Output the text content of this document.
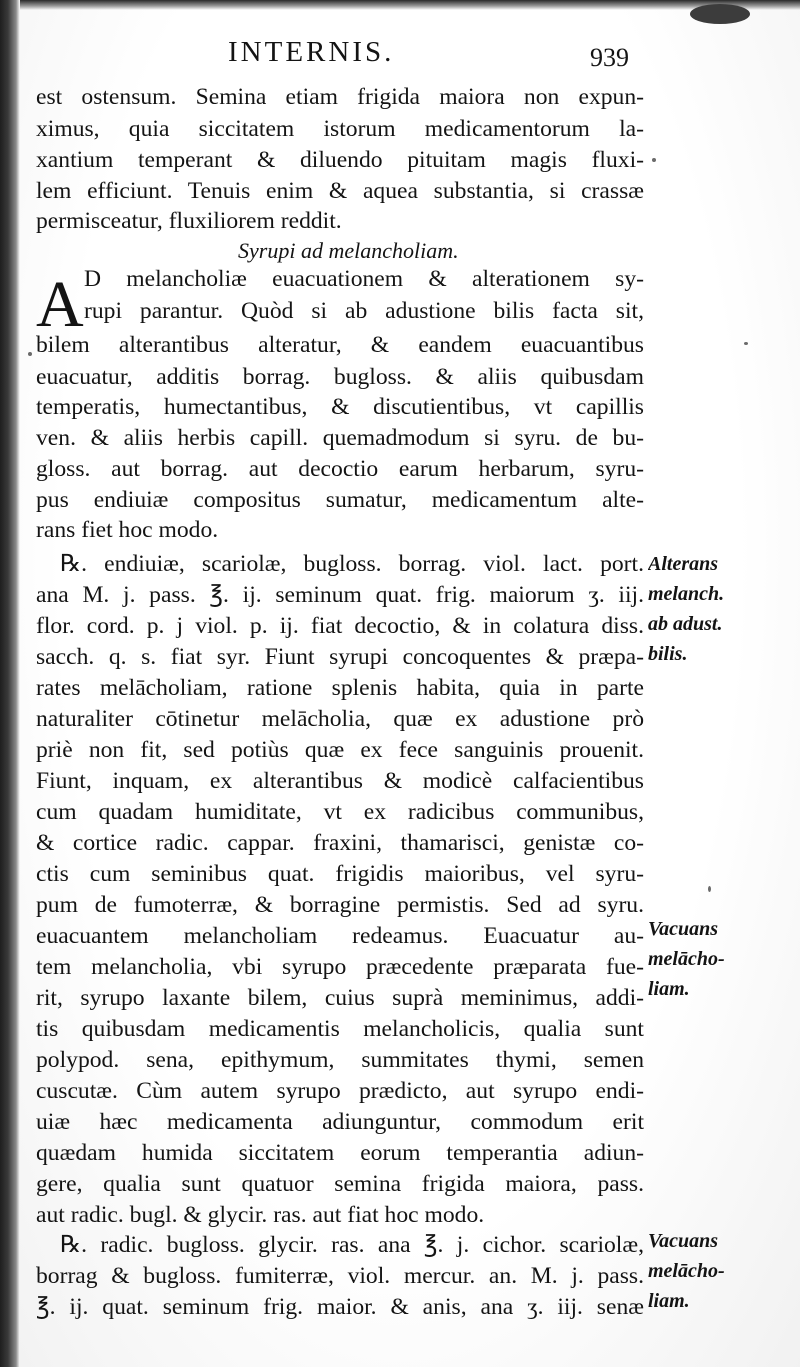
INTERNIS.	939
est ostensum. Semina etiam frigida maiora non expun-
ximus, quia siccitatem istorum medicamentorum la-
xantium temperant & diluendo pituitam magis fluxi-
lem efficiunt. Tenuis enim & aquea substantia, si crassæ
permisceatur, fluxiliorem reddit.
Syrupi ad melancholiam.
A D melancholiæ euacuationem & alterationem sy-
rupi parantur. Quòd si ab adustione bilis facta sit,
bilem alterantibus alteratur, & eandem euacuantibus
euacuatur, additis borrag. bugloss. & aliis quibusdam
temperatis, humectantibus, & discutientibus, vt capillis
ven. & aliis herbis capill. quemadmodum si syru. de bu-
gloss. aut borrag. aut decoctio earum herbarum, syru-
pus endiuiæ compositus sumatur, medicamentum alte-
rans fiet hoc modo.
℞. endiuiæ, scariolæ, bugloss. borrag. viol. lact. port.
ana M. j. pass. ℥. ij. seminum quat. frig. maiorum ʒ. iij.
flor. cord. p. j viol. p. ij. fiat decoctio, & in colatura diss.
sacch. q. s. fiat syr. Fiunt syrupi concoquentes & præpa-
rates melācholiam, ratione splenis habita, quia in parte
naturaliter cōtinetur melācholia, quæ ex adustione prò
priè non fit, sed potiùs quæ ex fece sanguinis prouenit.
Fiunt, inquam, ex alterantibus & modicè calfacientibus
cum quadam humiditate, vt ex radicibus communibus,
& cortice radic. cappar. fraxini, thamarisci, genistæ co-
ctis cum seminibus quat. frigidis maioribus, vel syru-
pum de fumoterræ, & borragine permistis. Sed ad syru.
euacuantem melancholiam redeamus. Euacuatur au-
tem melancholia, vbi syrupo præcedente præparata fue-
rit, syrupo laxante bilem, cuius suprà meminimus, addi-
tis quibusdam medicamentis melancholicis, qualia sunt
polypod. sena, epithymum, summitates thymi, semen
cuscutæ. Cùm autem syrupo prædicto, aut syrupo endi-
uiæ hæc medicamenta adiunguntur, commodum erit
quædam humida siccitatem eorum temperantia adiun-
gere, qualia sunt quatuor semina frigida maiora, pass.
aut radic. bugl. & glycir. ras. aut fiat hoc modo.
℞. radic. bugloss. glycir. ras. ana ℥. j. cichor. scariolæ,
borrag & bugloss. fumiterræ, viol. mercur. an. M. j. pass.
℥. ij. quat. seminum frig. maior. & anis, ana ʒ. iij. senæ
Alterans
melanch.
ab adust.
bilis.
Vacuans
melācho-
liam.
Vacuans
melācho-
liam.
